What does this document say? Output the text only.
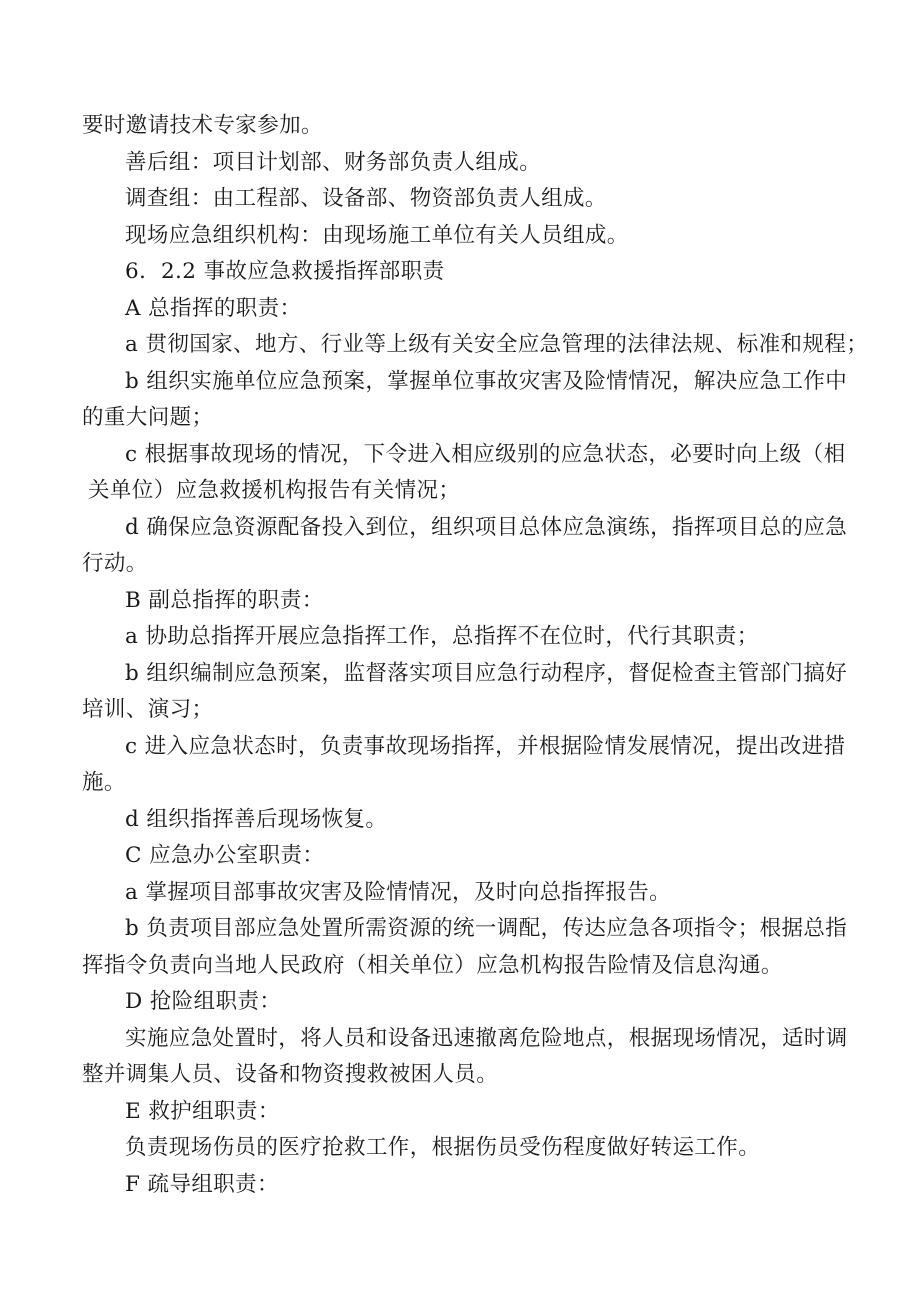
要时邀请技术专家参加。

善后组：项目计划部、财务部负责人组成。

调查组：由工程部、设备部、物资部负责人组成。

现场应急组织机构：由现场施工单位有关人员组成。

6．2.2 事故应急救援指挥部职责

A 总指挥的职责：

a 贯彻国家、地方、行业等上级有关安全应急管理的法律法规、标准和规程；

b 组织实施单位应急预案，掌握单位事故灾害及险情情况，解决应急工作中

的重大问题；

c 根据事故现场的情况，下令进入相应级别的应急状态，必要时向上级（相

关单位）应急救援机构报告有关情况；

d 确保应急资源配备投入到位，组织项目总体应急演练，指挥项目总的应急

行动。

B 副总指挥的职责：

a 协助总指挥开展应急指挥工作，总指挥不在位时，代行其职责；

b 组织编制应急预案，监督落实项目应急行动程序，督促检查主管部门搞好

培训、演习；

c 进入应急状态时，负责事故现场指挥，并根据险情发展情况，提出改进措

施。

d 组织指挥善后现场恢复。

C 应急办公室职责：

a 掌握项目部事故灾害及险情情况，及时向总指挥报告。

b 负责项目部应急处置所需资源的统一调配，传达应急各项指令；根据总指

挥指令负责向当地人民政府（相关单位）应急机构报告险情及信息沟通。

D 抢险组职责：

实施应急处置时，将人员和设备迅速撤离危险地点，根据现场情况，适时调

整并调集人员、设备和物资搜救被困人员。

E 救护组职责：

负责现场伤员的医疗抢救工作，根据伤员受伤程度做好转运工作。

F 疏导组职责：
